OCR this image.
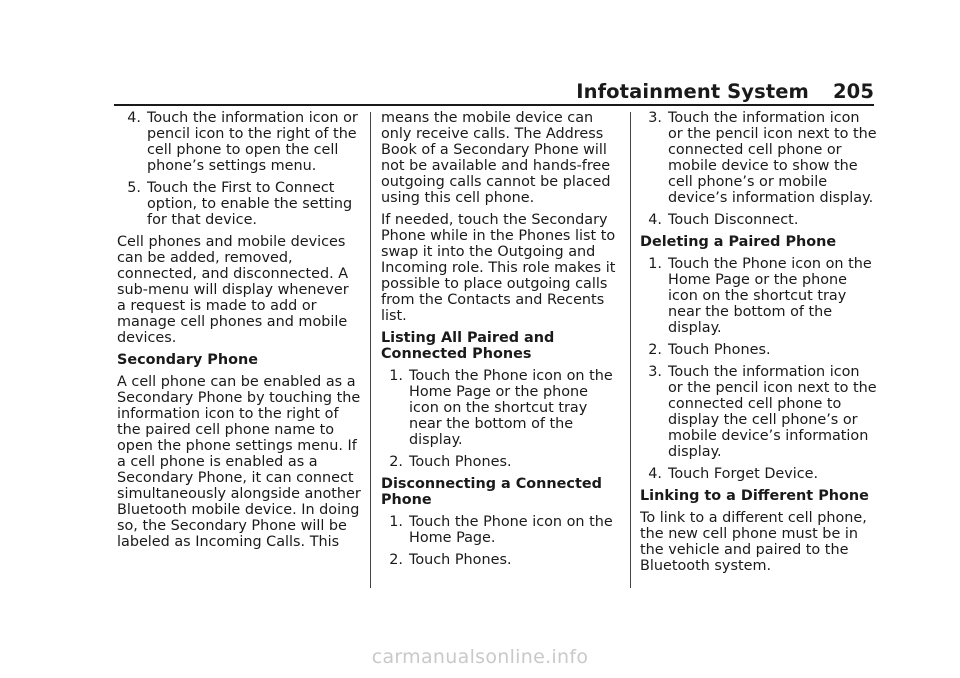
Infotainment System 205
4. Touch the information icon or pencil icon to the right of the cell phone to open the cell phone’s settings menu.
5. Touch the First to Connect option, to enable the setting for that device.

Cell phones and mobile devices can be added, removed, connected, and disconnected. A sub-menu will display whenever a request is made to add or manage cell phones and mobile devices.

Secondary Phone

A cell phone can be enabled as a Secondary Phone by touching the information icon to the right of the paired cell phone name to open the phone settings menu. If a cell phone is enabled as a Secondary Phone, it can connect simultaneously alongside another Bluetooth mobile device. In doing so, the Secondary Phone will be labeled as Incoming Calls. This

means the mobile device can only receive calls. The Address Book of a Secondary Phone will not be available and hands-free outgoing calls cannot be placed using this cell phone.

If needed, touch the Secondary Phone while in the Phones list to swap it into the Outgoing and Incoming role. This role makes it possible to place outgoing calls from the Contacts and Recents list.

Listing All Paired and Connected Phones

1. Touch the Phone icon on the Home Page or the phone icon on the shortcut tray near the bottom of the display.
2. Touch Phones.

Disconnecting a Connected Phone

1. Touch the Phone icon on the Home Page.
2. Touch Phones.
3. Touch the information icon or the pencil icon next to the connected cell phone or mobile device to show the cell phone’s or mobile device’s information display.
4. Touch Disconnect.

Deleting a Paired Phone

1. Touch the Phone icon on the Home Page or the phone icon on the shortcut tray near the bottom of the display.
2. Touch Phones.
3. Touch the information icon or the pencil icon next to the connected cell phone to display the cell phone’s or mobile device’s information display.
4. Touch Forget Device.

Linking to a Different Phone

To link to a different cell phone, the new cell phone must be in the vehicle and paired to the Bluetooth system.

carmanualsonline.info
